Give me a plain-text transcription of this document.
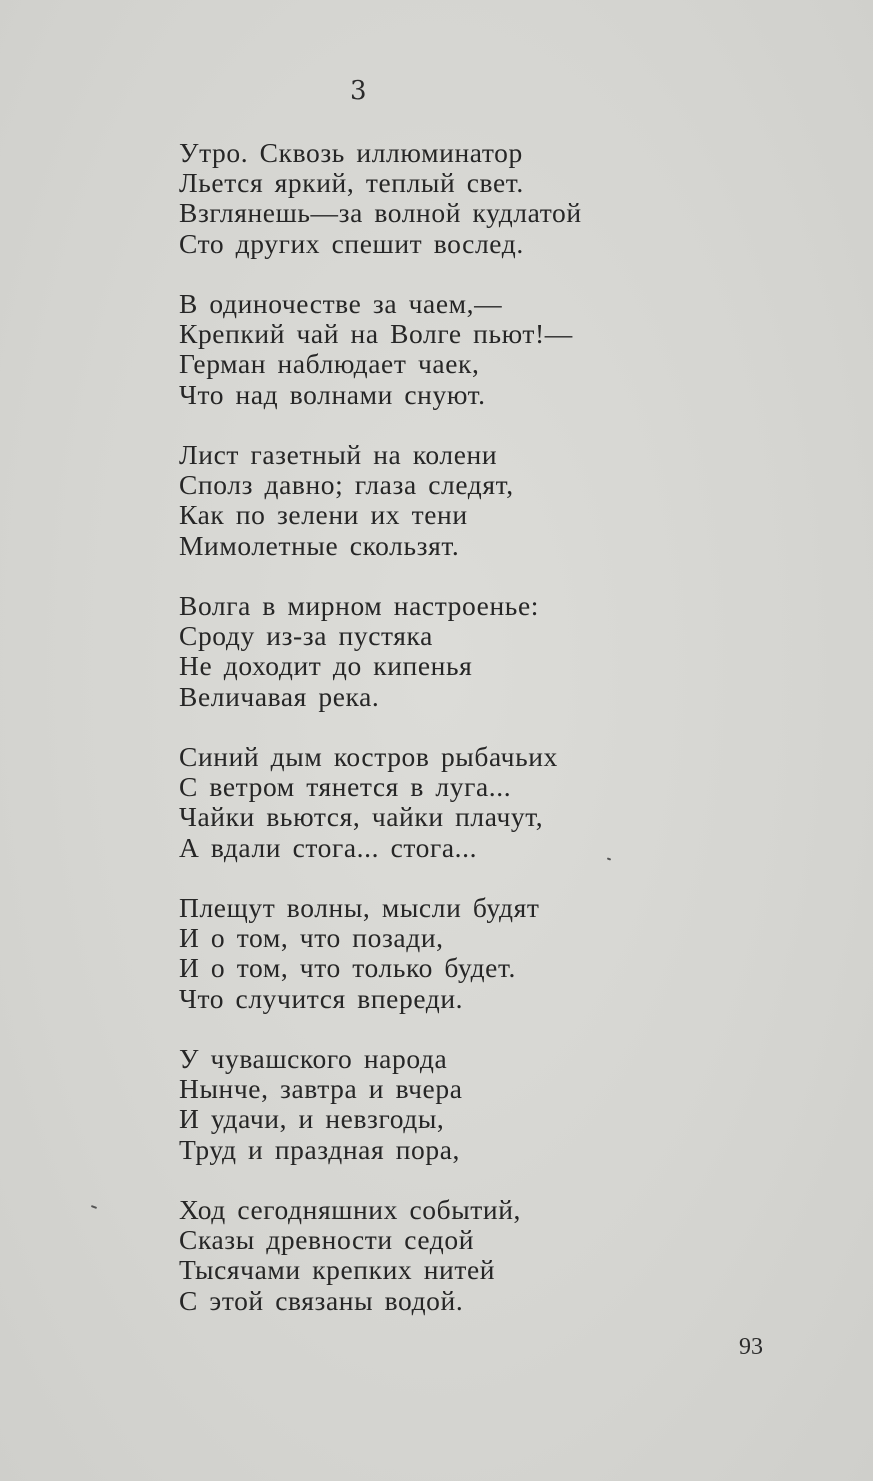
3
Утро. Сквозь иллюминатор
Льется яркий, теплый свет.
Взглянешь—за волной кудлатой
Сто других спешит вослед.
В одиночестве за чаем,—
Крепкий чай на Волге пьют!—
Герман наблюдает чаек,
Что над волнами снуют.
Лист газетный на колени
Сполз давно; глаза следят,
Как по зелени их тени
Мимолетные скользят.
Волга в мирном настроенье:
Сроду из-за пустяка
Не доходит до кипенья
Величавая река.
Синий дым костров рыбачьих
С ветром тянется в луга...
Чайки вьются, чайки плачут,
А вдали стога... стога...
Плещут волны, мысли будят
И о том, что позади,
И о том, что только будет.
Что случится впереди.
У чувашского народа
Нынче, завтра и вчера
И удачи, и невзгоды,
Труд и праздная пора,
Ход сегодняшних событий,
Сказы древности седой
Тысячами крепких нитей
С этой связаны водой.
93
